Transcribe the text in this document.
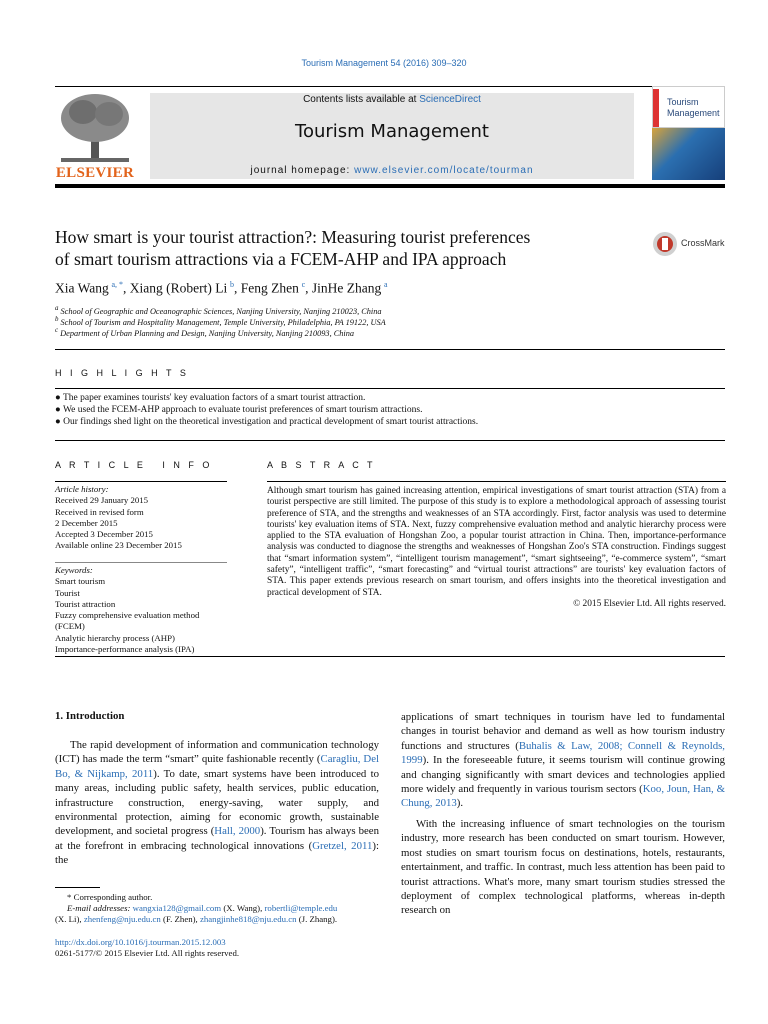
Tourism Management 54 (2016) 309–320
ELSEVIER
Contents lists available at ScienceDirect
Tourism Management
journal homepage: www.elsevier.com/locate/tourman
Tourism
Management
How smart is your tourist attraction?: Measuring tourist preferences
of smart tourism attractions via a FCEM-AHP and IPA approach
CrossMark
Xia Wang  $^{a, *}$, Xiang (Robert) Li  $^b$, Feng Zhen  $^c$, JinHe Zhang  $^a$
$^a$ School of Geographic and Oceanographic Sciences, Nanjing University, Nanjing 210023, China
$^b$ School of Tourism and Hospitality Management, Temple University, Philadelphia, PA 19122, USA
$^c$ Department of Urban Planning and Design, Nanjing University, Nanjing 210093, China
H I G H L I G H T S
● The paper examines tourists' key evaluation factors of a smart tourist attraction.
● We used the FCEM-AHP approach to evaluate tourist preferences of smart tourism attractions.
● Our findings shed light on the theoretical investigation and practical development of smart tourist attractions.
A R T I C L E   I N F O
Article history:
Received 29 January 2015
Received in revised form
2 December 2015
Accepted 3 December 2015
Available online 23 December 2015
Keywords:
Smart tourism
Tourist
Tourist attraction
Fuzzy comprehensive evaluation method
(FCEM)
Analytic hierarchy process (AHP)
Importance-performance analysis (IPA)
A B S T R A C T
Although smart tourism has gained increasing attention, empirical investigations of smart tourist attraction (STA) from a tourist perspective are still limited. The purpose of this study is to explore a methodological approach of assessing tourist preference of STA, and the strengths and weaknesses of an STA accordingly. First, factor analysis was used to determine tourists' key evaluation items of STA. Next, fuzzy comprehensive evaluation method and analytic hierarchy process were applied to the STA evaluation of Hongshan Zoo, a popular tourist attraction in China. Then, importance-performance analysis was conducted to diagnose the strengths and weaknesses of Hongshan Zoo's STA construction. Findings suggest that “smart information system”, “intelligent tourism management”, “smart sightseeing”, “e-commerce system”, “smart safety”, “intelligent traffic”, “smart forecasting” and “virtual tourist attractions” are tourists' key evaluation factors of STA. This paper extends previous research on smart tourism, and offers insights into the theoretical investigation and practical development of STA.
© 2015 Elsevier Ltd. All rights reserved.
1. Introduction
The rapid development of information and communication technology (ICT) has made the term “smart” quite fashionable recently (Caragliu, Del Bo, & Nijkamp, 2011). To date, smart systems have been introduced to many areas, including public safety, health services, public education, infrastructure construction, energy-saving, water supply, and environmental protection, aiming for economic growth, sustainable development, and societal progress (Hall, 2000). Tourism has always been at the forefront in embracing technological innovations (Gretzel, 2011): the
* Corresponding author.
E-mail addresses: wangxia128@gmail.com (X. Wang), robertli@temple.edu
(X. Li), zhenfeng@nju.edu.cn (F. Zhen), zhangjinhe818@nju.edu.cn (J. Zhang).
http://dx.doi.org/10.1016/j.tourman.2015.12.003
0261-5177/© 2015 Elsevier Ltd. All rights reserved.
applications of smart techniques in tourism have led to fundamental changes in tourist behavior and demand as well as how tourism industry functions and structures (Buhalis & Law, 2008; Connell & Reynolds, 1999). In the foreseeable future, it seems tourism will continue growing and changing significantly with smart devices and technologies applied more widely and frequently in various tourism sectors (Koo, Joun, Han, & Chung, 2013).
With the increasing influence of smart technologies on the tourism industry, more research has been conducted on smart tourism. However, most studies on smart tourism focus on destinations, hotels, restaurants, entertainment, and traffic. In contrast, much less attention has been paid to tourist attractions. What's more, many smart tourism studies stressed the deployment of complex technological platforms, whereas in-depth research on
